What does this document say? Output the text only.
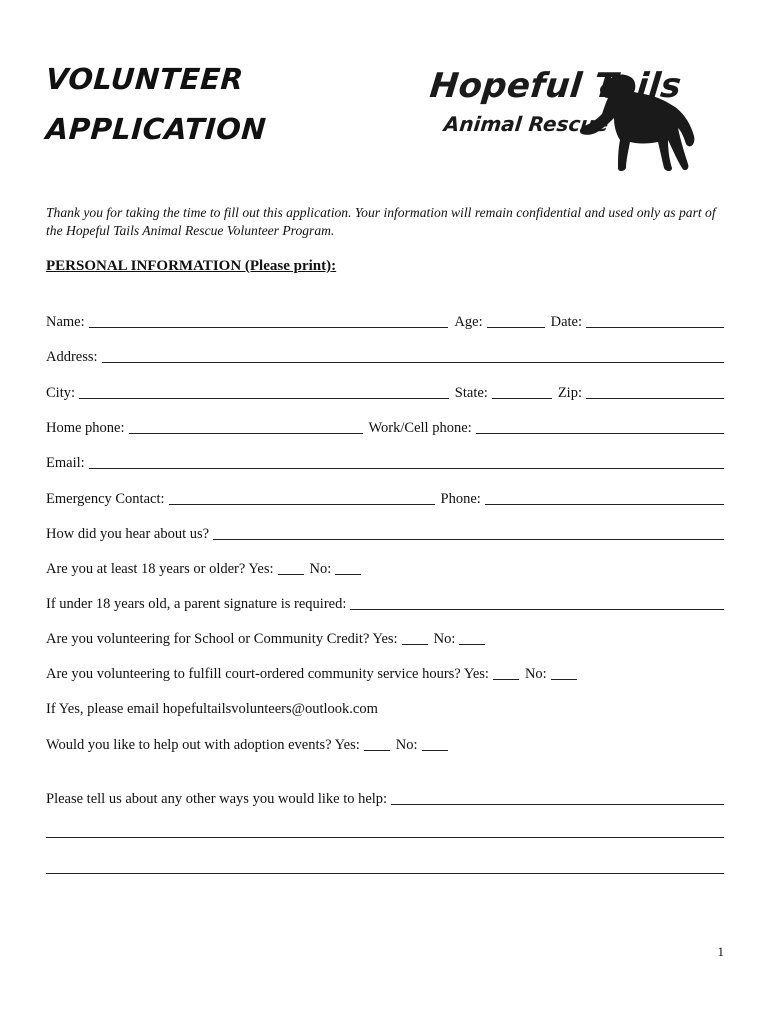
VOLUNTEER
APPLICATION
Hopeful Tails
Animal Rescue
Thank you for taking the time to fill out this application. Your information will remain confidential and used only as part of the Hopeful Tails Animal Rescue Volunteer Program.
PERSONAL INFORMATION (Please print):
Name:	Age:	Date:
Address:
City:	State:	Zip:
Home phone:	Work/Cell phone:
Email:
Emergency Contact:	Phone:
How did you hear about us?
Are you at least 18 years or older? Yes:	No:
If under 18 years old, a parent signature is required:
Are you volunteering for School or Community Credit? Yes:	No:
Are you volunteering to fulfill court-ordered community service hours? Yes:	No:
If Yes, please email hopefultailsvolunteers@outlook.com
Would you like to help out with adoption events? Yes:	No:
Please tell us about any other ways you would like to help:
1
